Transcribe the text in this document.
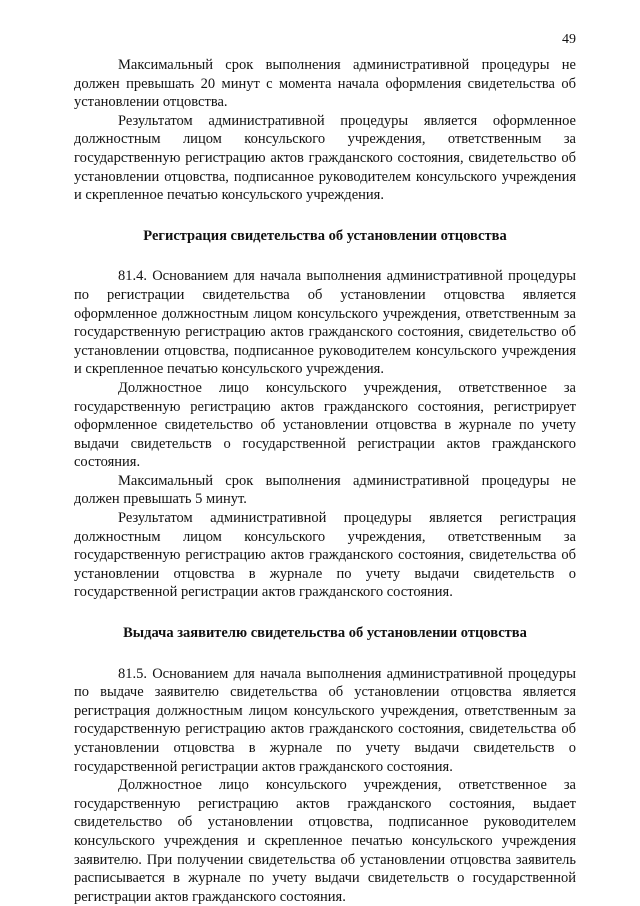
49

Максимальный срок выполнения административной процедуры не должен превышать 20 минут с момента начала оформления свидетельства об установлении отцовства.

Результатом административной процедуры является оформленное должностным лицом консульского учреждения, ответственным за государственную регистрацию актов гражданского состояния, свидетельство об установлении отцовства, подписанное руководителем консульского учреждения и скрепленное печатью консульского учреждения.

Регистрация свидетельства об установлении отцовства

81.4. Основанием для начала выполнения административной процедуры по регистрации свидетельства об установлении отцовства является оформленное должностным лицом консульского учреждения, ответственным за государственную регистрацию актов гражданского состояния, свидетельство об установлении отцовства, подписанное руководителем консульского учреждения и скрепленное печатью консульского учреждения.

Должностное лицо консульского учреждения, ответственное за государственную регистрацию актов гражданского состояния, регистрирует оформленное свидетельство об установлении отцовства в журнале по учету выдачи свидетельств о государственной регистрации актов гражданского состояния.

Максимальный срок выполнения административной процедуры не должен превышать 5 минут.

Результатом административной процедуры является регистрация должностным лицом консульского учреждения, ответственным за государственную регистрацию актов гражданского состояния, свидетельства об установлении отцовства в журнале по учету выдачи свидетельств о государственной регистрации актов гражданского состояния.

Выдача заявителю свидетельства об установлении отцовства

81.5. Основанием для начала выполнения административной процедуры по выдаче заявителю свидетельства об установлении отцовства является регистрация должностным лицом консульского учреждения, ответственным за государственную регистрацию актов гражданского состояния, свидетельства об установлении отцовства в журнале по учету выдачи свидетельств о государственной регистрации актов гражданского состояния.

Должностное лицо консульского учреждения, ответственное за государственную регистрацию актов гражданского состояния, выдает свидетельство об установлении отцовства, подписанное руководителем консульского учреждения и скрепленное печатью консульского учреждения заявителю. При получении свидетельства об установлении отцовства заявитель расписывается в журнале по учету выдачи свидетельств о государственной регистрации актов гражданского состояния.
